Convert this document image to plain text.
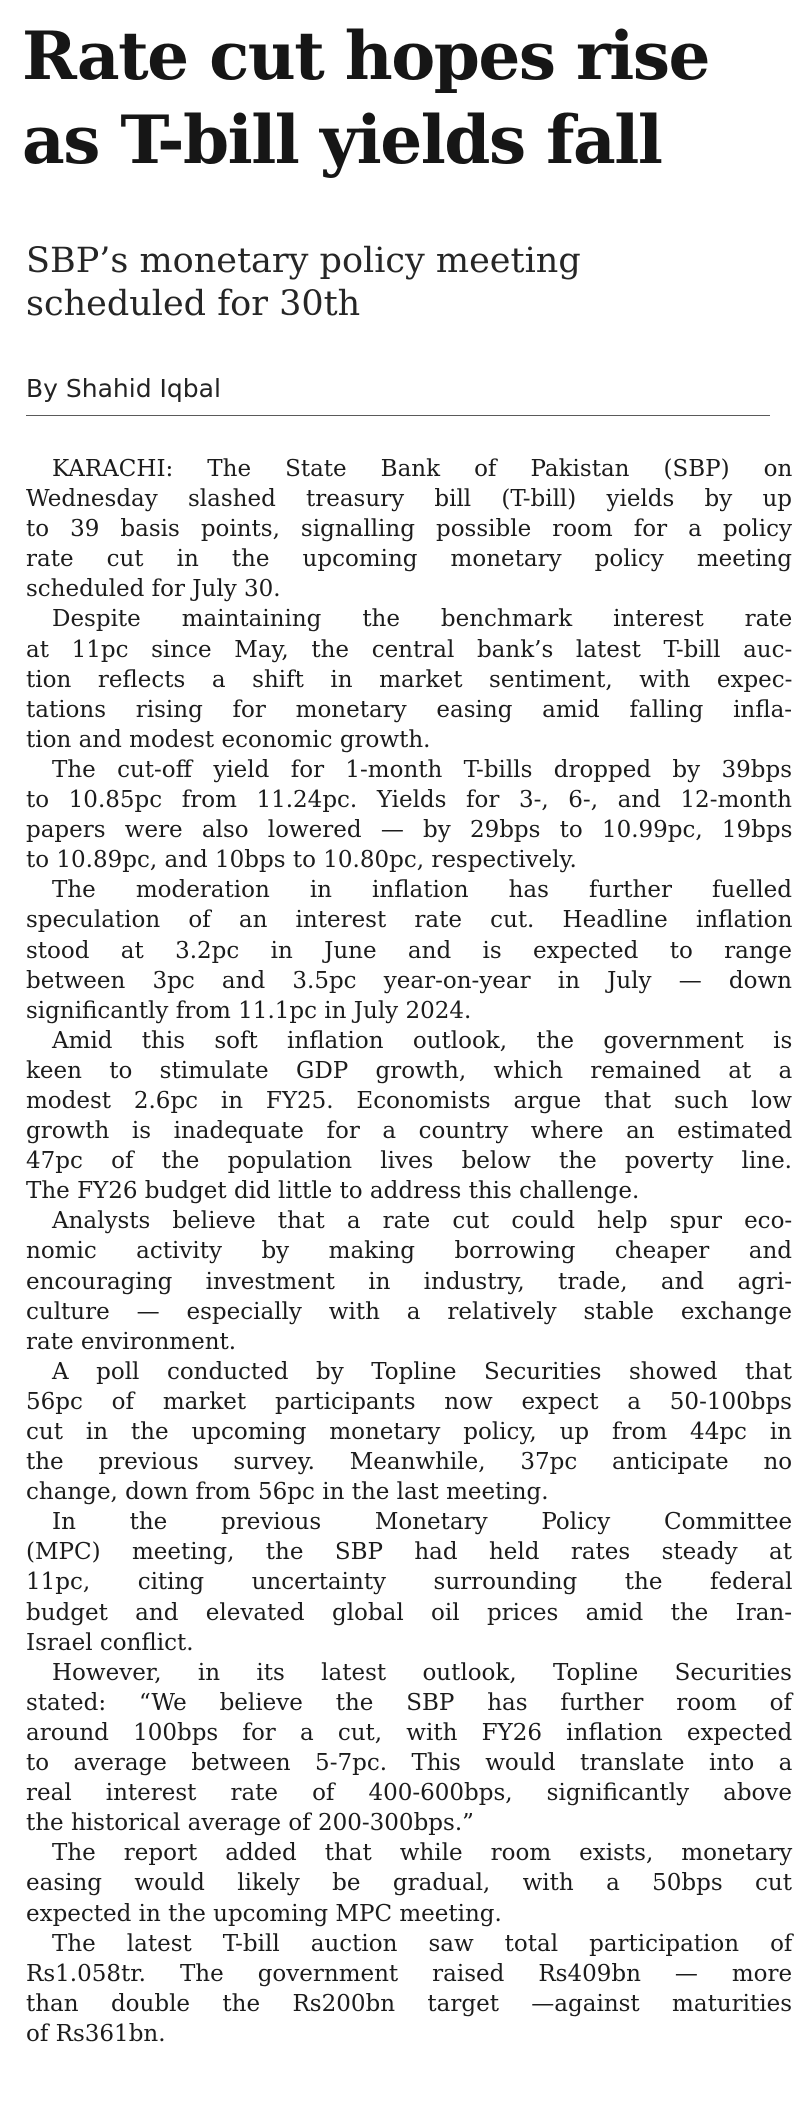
Rate cut hopes rise
as T-bill yields fall
SBP’s monetary policy meeting
scheduled for 30th
By Shahid Iqbal

KARACHI: The State Bank of Pakistan (SBP) on
Wednesday slashed treasury bill (T-bill) yields by up
to 39 basis points, signalling possible room for a policy
rate cut in the upcoming monetary policy meeting
scheduled for July 30.

Despite maintaining the benchmark interest rate
at 11pc since May, the central bank’s latest T-bill auc-
tion reflects a shift in market sentiment, with expec-
tations rising for monetary easing amid falling infla-
tion and modest economic growth.

The cut-off yield for 1-month T-bills dropped by 39bps
to 10.85pc from 11.24pc. Yields for 3-, 6-, and 12-month
papers were also lowered — by 29bps to 10.99pc, 19bps
to 10.89pc, and 10bps to 10.80pc, respectively.

The moderation in inflation has further fuelled
speculation of an interest rate cut. Headline inflation
stood at 3.2pc in June and is expected to range
between 3pc and 3.5pc year-on-year in July — down
significantly from 11.1pc in July 2024.

Amid this soft inflation outlook, the government is
keen to stimulate GDP growth, which remained at a
modest 2.6pc in FY25. Economists argue that such low
growth is inadequate for a country where an estimated
47pc of the population lives below the poverty line.
The FY26 budget did little to address this challenge.

Analysts believe that a rate cut could help spur eco-
nomic activity by making borrowing cheaper and
encouraging investment in industry, trade, and agri-
culture — especially with a relatively stable exchange
rate environment.

A poll conducted by Topline Securities showed that
56pc of market participants now expect a 50-100bps
cut in the upcoming monetary policy, up from 44pc in
the previous survey. Meanwhile, 37pc anticipate no
change, down from 56pc in the last meeting.

In the previous Monetary Policy Committee
(MPC) meeting, the SBP had held rates steady at
11pc, citing uncertainty surrounding the federal
budget and elevated global oil prices amid the Iran-
Israel conflict.

However, in its latest outlook, Topline Securities
stated: “We believe the SBP has further room of
around 100bps for a cut, with FY26 inflation expected
to average between 5-7pc. This would translate into a
real interest rate of 400-600bps, significantly above
the historical average of 200-300bps.”

The report added that while room exists, monetary
easing would likely be gradual, with a 50bps cut
expected in the upcoming MPC meeting.

The latest T-bill auction saw total participation of
Rs1.058tr. The government raised Rs409bn — more
than double the Rs200bn target —against maturities
of Rs361bn.
